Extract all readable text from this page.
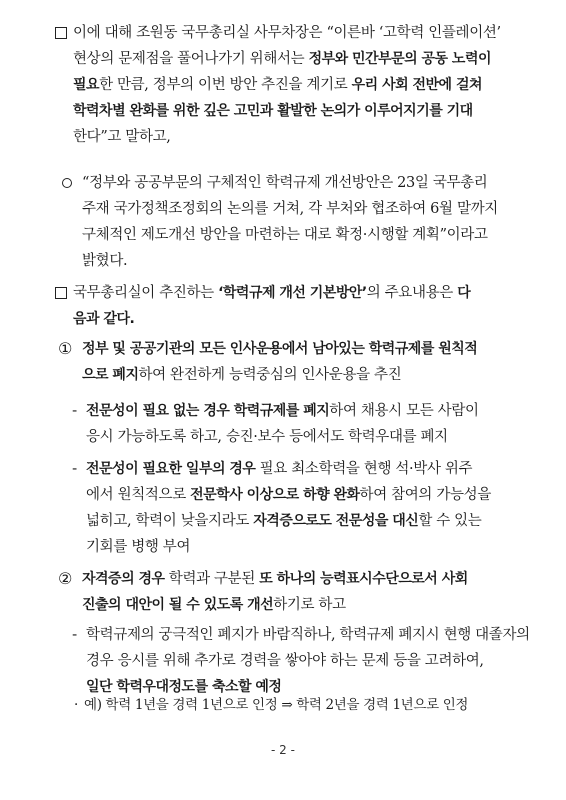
이에 대해 조원동 국무총리실 사무차장은 “이른바 ‘고학력 인플레이션’
현상의 문제점을 풀어나가기 위해서는 정부와 민간부문의 공동 노력이
필요한 만큼, 정부의 이번 방안 추진을 계기로 우리 사회 전반에 걸쳐
학력차별 완화를 위한 깊은 고민과 활발한 논의가 이루어지기를 기대
한다”고 말하고,
“정부와 공공부문의 구체적인 학력규제 개선방안은 23일 국무총리
주재 국가정책조정회의 논의를 거쳐, 각 부처와 협조하여 6월 말까지
구체적인 제도개선 방안을 마련하는 대로 확정·시행할 계획”이라고
밝혔다.
국무총리실이 추진하는 ‘학력규제 개선 기본방안’의 주요내용은 다
음과 같다.
① 정부 및 공공기관의 모든 인사운용에서 남아있는 학력규제를 원칙적
으로 폐지하여 완전하게 능력중심의 인사운용을 추진
- 전문성이 필요 없는 경우 학력규제를 폐지하여 채용시 모든 사람이
응시 가능하도록 하고, 승진·보수 등에서도 학력우대를 폐지
- 전문성이 필요한 일부의 경우 필요 최소학력을 현행 석·박사 위주
에서 원칙적으로 전문학사 이상으로 하향 완화하여 참여의 가능성을
넓히고, 학력이 낮을지라도 자격증으로도 전문성을 대신할 수 있는
기회를 병행 부여
② 자격증의 경우 학력과 구분된 또 하나의 능력표시수단으로서 사회
진출의 대안이 될 수 있도록 개선하기로 하고
- 학력규제의 궁극적인 폐지가 바람직하나, 학력규제 폐지시 현행 대졸자의
경우 응시를 위해 추가로 경력을 쌓아야 하는 문제 등을 고려하여,
일단 학력우대정도를 축소할 예정
· 예) 학력 1년을 경력 1년으로 인정 ⇒ 학력 2년을 경력 1년으로 인정
- 2 -
